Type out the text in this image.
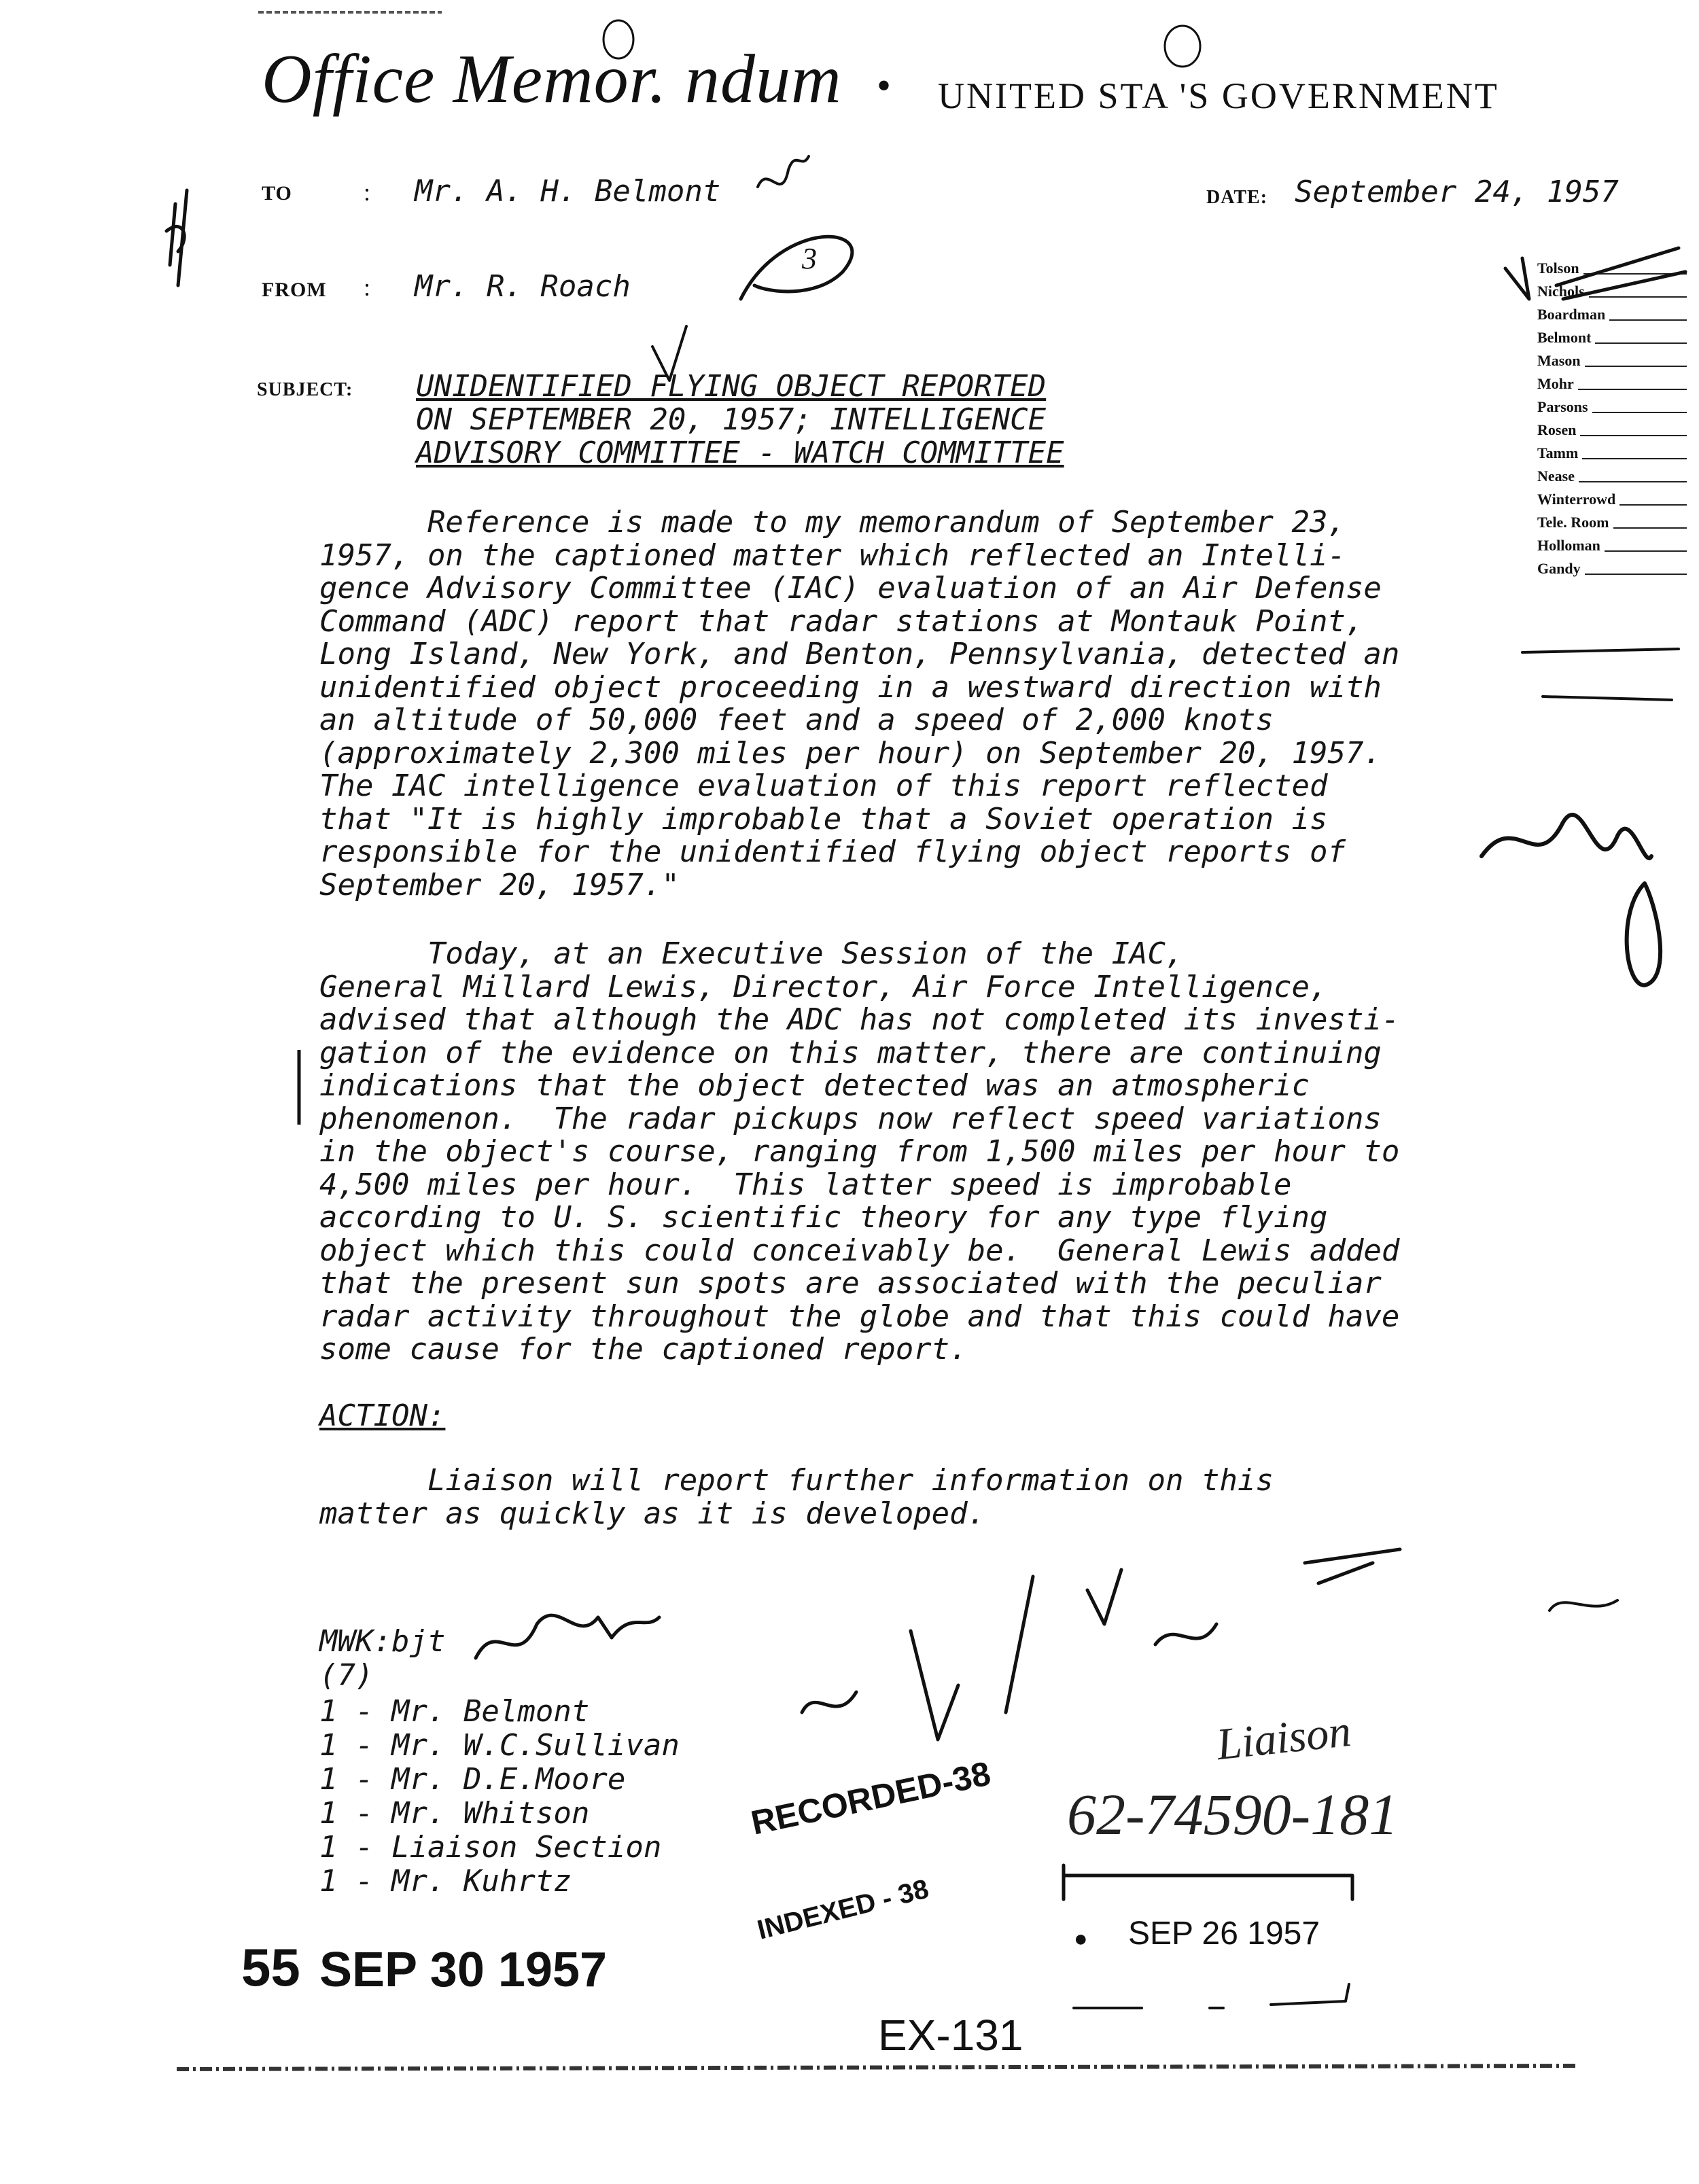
Office Memor. ndum • UNITED STA 'S GOVERNMENT
TO	: Mr. A. H. Belmont	DATE: September 24, 1957
FROM : Mr. R. Roach
SUBJECT: UNIDENTIFIED FLYING OBJECT REPORTED
ON SEPTEMBER 20, 1957; INTELLIGENCE
ADVISORY COMMITTEE - WATCH COMMITTEE
Tolson
Nichols
Boardman
Belmont
Mason
Mohr
Parsons
Rosen
Tamm
Nease
Winterrowd
Tele. Room
Holloman
Gandy
Reference is made to my memorandum of September 23,
1957, on the captioned matter which reflected an Intelli-
gence Advisory Committee (IAC) evaluation of an Air Defense
Command (ADC) report that radar stations at Montauk Point,
Long Island, New York, and Benton, Pennsylvania, detected an
unidentified object proceeding in a westward direction with
an altitude of 50,000 feet and a speed of 2,000 knots
(approximately 2,300 miles per hour) on September 20, 1957.
The IAC intelligence evaluation of this report reflected
that "It is highly improbable that a Soviet operation is
responsible for the unidentified flying object reports of
September 20, 1957."
Today, at an Executive Session of the IAC,
General Millard Lewis, Director, Air Force Intelligence,
advised that although the ADC has not completed its investi-
gation of the evidence on this matter, there are continuing
indications that the object detected was an atmospheric
phenomenon.  The radar pickups now reflect speed variations
in the object's course, ranging from 1,500 miles per hour to
4,500 miles per hour.  This latter speed is improbable
according to U. S. scientific theory for any type flying
object which this could conceivably be.  General Lewis added
that the present sun spots are associated with the peculiar
radar activity throughout the globe and that this could have
some cause for the captioned report.
ACTION:
Liaison will report further information on this
matter as quickly as it is developed.
MWK:bjt
(7)
1 - Mr. Belmont
1 - Mr. W.C.Sullivan
1 - Mr. D.E.Moore
1 - Mr. Whitson
1 - Liaison Section
1 - Mr. Kuhrtz
RECORDED-38
INDEXED - 38
62-74590-181
Liaison
● SEP 26 1957
55 SEP 30 1957
EX-131
3
